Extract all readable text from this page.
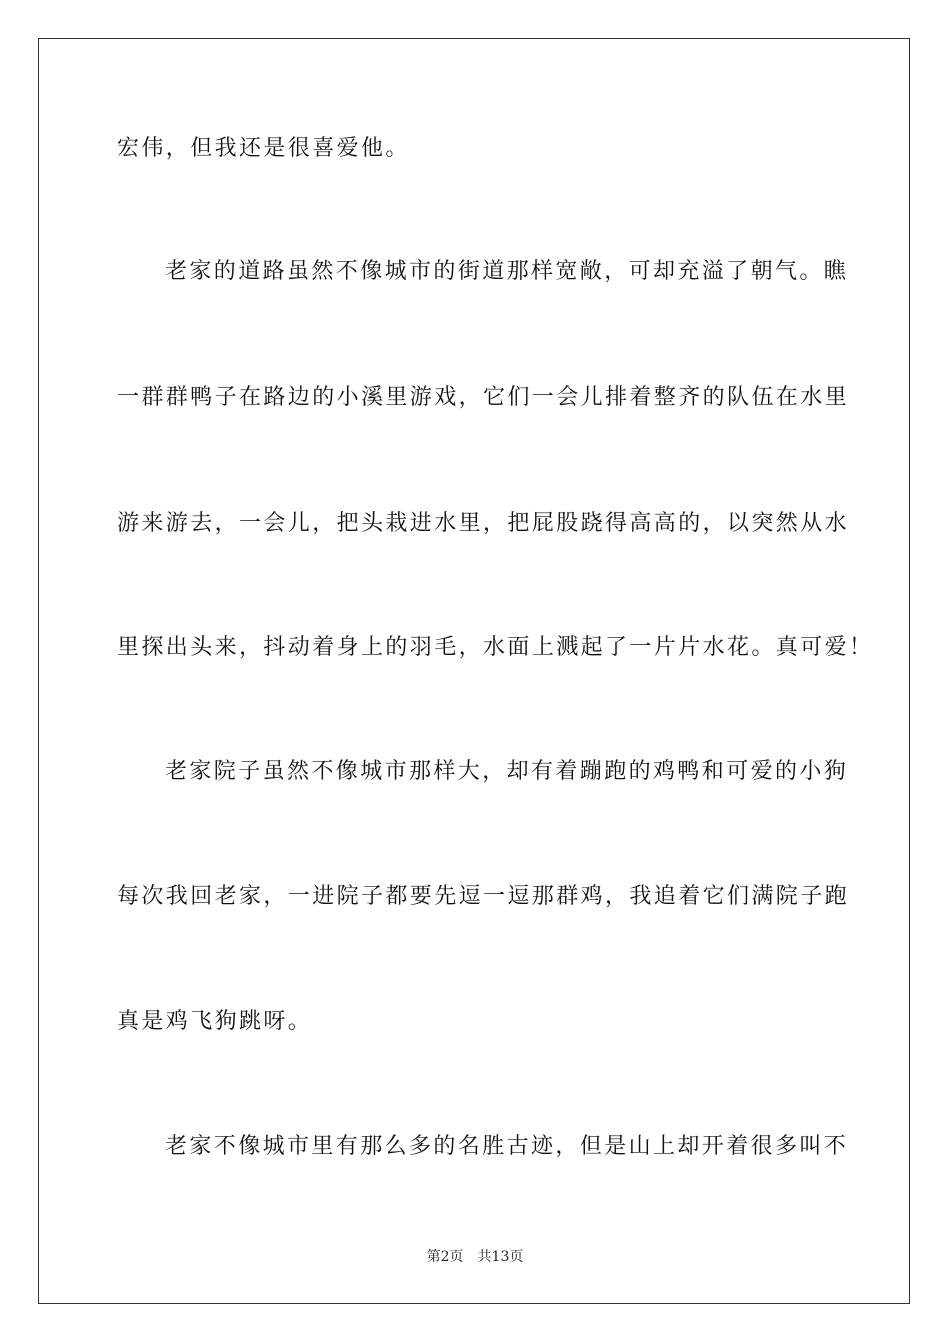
宏伟，但我还是很喜爱他。
老家的道路虽然不像城市的街道那样宽敞，可却充溢了朝气。瞧
一群群鸭子在路边的小溪里游戏，它们一会儿排着整齐的队伍在水里
游来游去，一会儿，把头栽进水里，把屁股跷得高高的，以突然从水
里探出头来，抖动着身上的羽毛，水面上溅起了一片片水花。真可爱！
老家院子虽然不像城市那样大，却有着蹦跑的鸡鸭和可爱的小狗
每次我回老家，一进院子都要先逗一逗那群鸡，我追着它们满院子跑
真是鸡飞狗跳呀。
老家不像城市里有那么多的名胜古迹，但是山上却开着很多叫不
第2页 共13页
